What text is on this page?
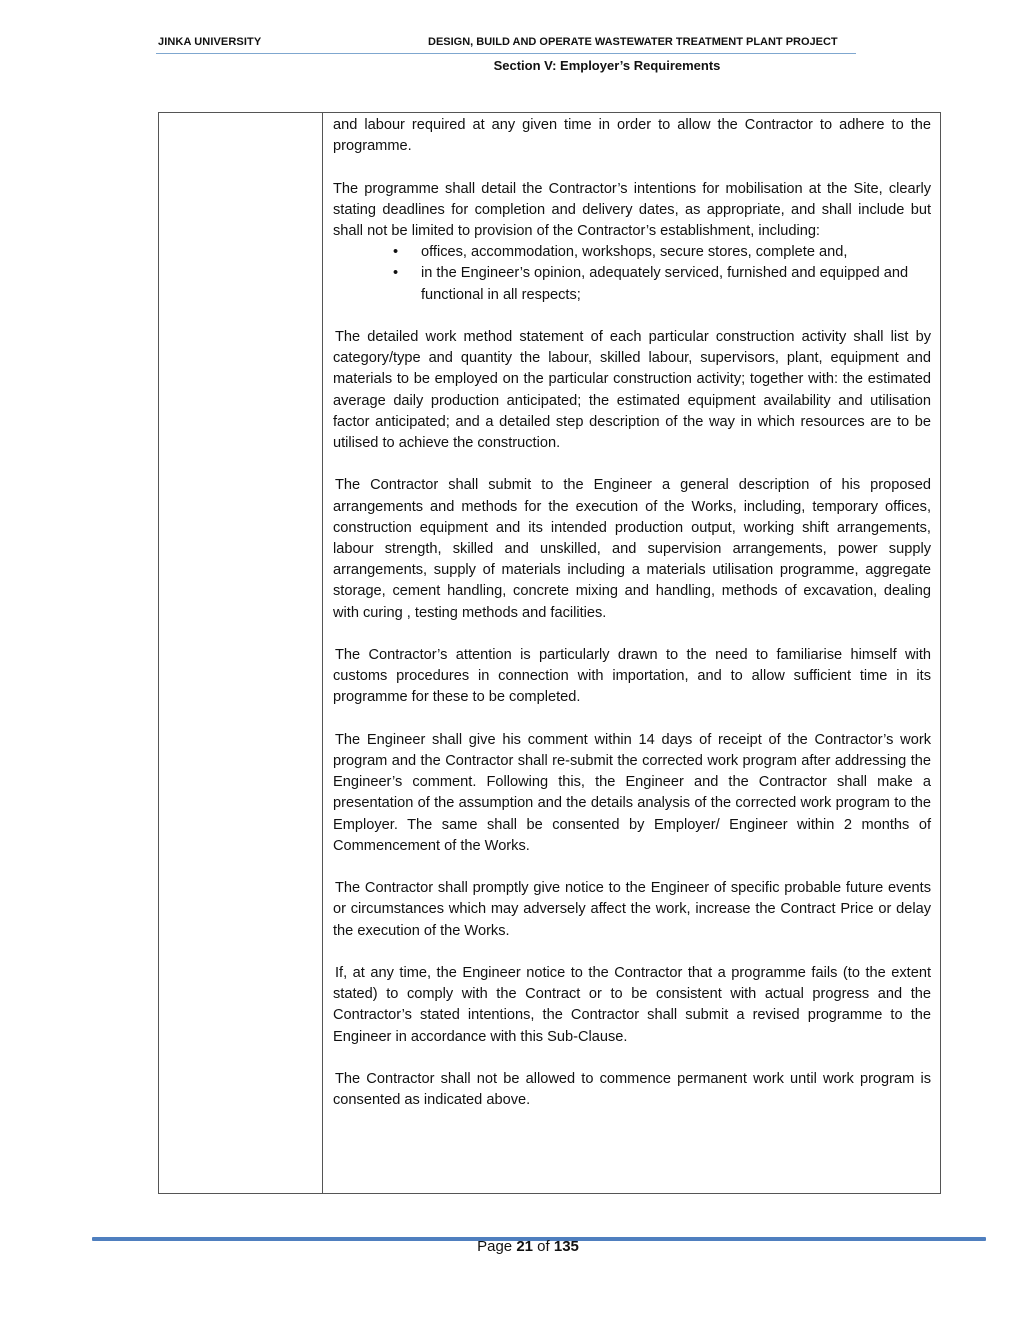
JINKA UNIVERSITY	DESIGN, BUILD AND OPERATE WASTEWATER TREATMENT PLANT PROJECT
Section V: Employer’s Requirements

and labour required at any given time in order to allow the Contractor to adhere to the programme.

The programme shall detail the Contractor’s intentions for mobilisation at the Site, clearly stating deadlines for completion and delivery dates, as appropriate, and shall include but shall not be limited to provision of the Contractor’s establishment, including:

• offices, accommodation, workshops, secure stores, complete and,
• in the Engineer’s opinion, adequately serviced, furnished and equipped and functional in all respects;

The detailed work method statement of each particular construction activity shall list by category/type and quantity the labour, skilled labour, supervisors, plant, equipment and materials to be employed on the particular construction activity; together with: the estimated average daily production anticipated; the estimated equipment availability and utilisation factor anticipated; and a detailed step description of the way in which resources are to be utilised to achieve the construction.

The Contractor shall submit to the Engineer a general description of his proposed arrangements and methods for the execution of the Works, including, temporary offices, construction equipment and its intended production output, working shift arrangements, labour strength, skilled and unskilled, and supervision arrangements, power supply arrangements, supply of materials including a materials utilisation programme, aggregate storage, cement handling, concrete mixing and handling, methods of excavation, dealing with curing , testing methods and facilities.

The Contractor’s attention is particularly drawn to the need to familiarise himself with customs procedures in connection with importation, and to allow sufficient time in its programme for these to be completed.

The Engineer shall give his comment within 14 days of receipt of the Contractor’s work program and the Contractor shall re-submit the corrected work program after addressing the Engineer’s comment. Following this, the Engineer and the Contractor shall make a presentation of the assumption and the details analysis of the corrected work program to the Employer. The same shall be consented by Employer/ Engineer within 2 months of Commencement of the Works.

The Contractor shall promptly give notice to the Engineer of specific probable future events or circumstances which may adversely affect the work, increase the Contract Price or delay the execution of the Works.

If, at any time, the Engineer notice to the Contractor that a programme fails (to the extent stated) to comply with the Contract or to be consistent with actual progress and the Contractor’s stated intentions, the Contractor shall submit a revised programme to the Engineer in accordance with this Sub-Clause.

The Contractor shall not be allowed to commence permanent work until work program is consented as indicated above.

Page 21 of 135
